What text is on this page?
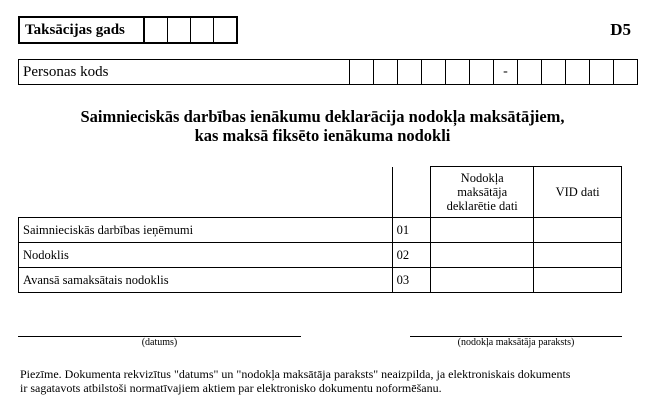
Taksācijas gads	D5
Personas kods	-
Saimnieciskās darbības ienākumu deklarācija nodokļa maksātājiem,
kas maksā fiksēto ienākuma nodokli
		Nodokļa maksātāja deklarētie dati	VID dati
Saimnieciskās darbības ieņēmumi	01		
Nodoklis	02		
Avansā samaksātais nodoklis	03		
(datums)	(nodokļa maksātāja paraksts)
Piezīme. Dokumenta rekvizītus "datums" un "nodokļa maksātāja paraksts" neaizpilda, ja elektroniskais dokuments
ir sagatavots atbilstoši normatīvajiem aktiem par elektronisko dokumentu noformēšanu.
